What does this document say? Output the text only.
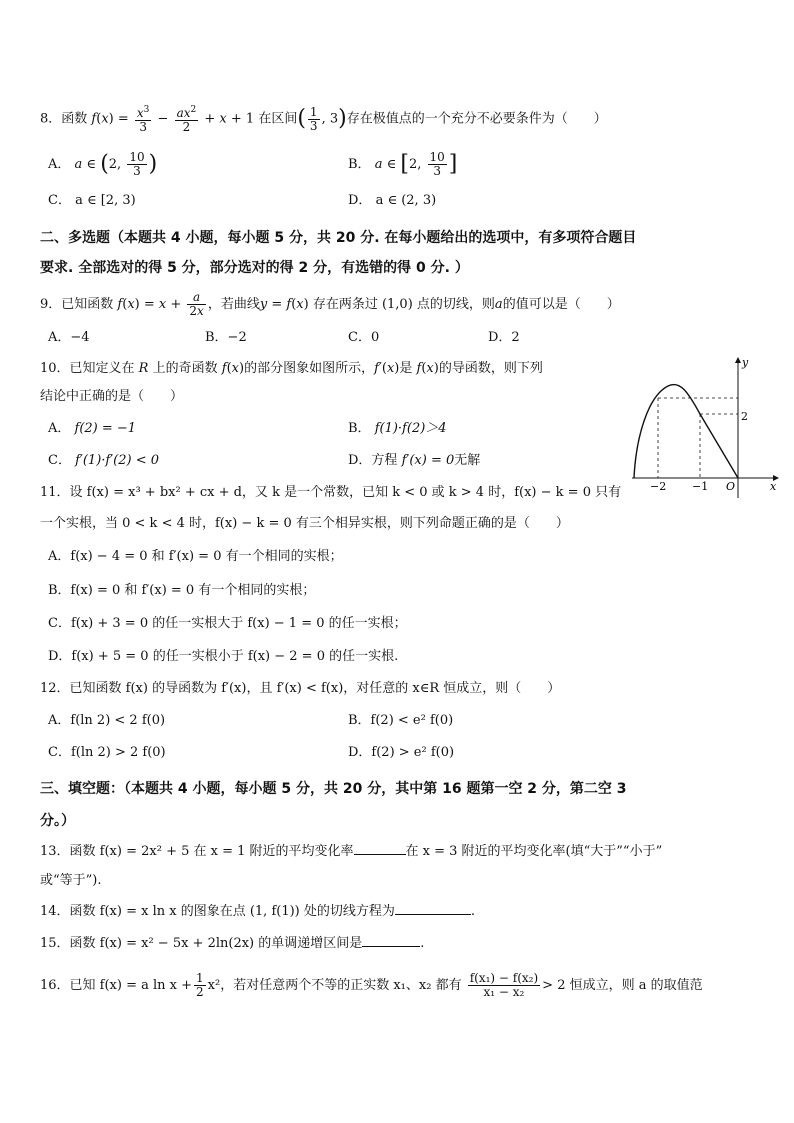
8．函数 $f(x) = \frac{x^3}{3} - \frac{ax^2}{2} + x + 1$ 在区间( $\frac{1}{3}$ , 3)存在极值点的一个充分不必要条件为（　　）
A． a ∈ (2, $\frac{10}{3}$ )	B． a ∈ [2, $\frac{10}{3}$ ]
C． a ∈ [2, 3)	D． a ∈ (2, 3)
二、多选题（本题共 4 小题，每小题 5 分，共 20 分. 在每小题给出的选项中，有多项符合题目
要求. 全部选对的得 5 分，部分选对的得 2 分，有选错的得 0 分. ）
9．已知函数 $f(x) = x + \frac{a}{2x}$ ，若曲线y = f(x) 存在两条过 (1,0) 点的切线，则a的值可以是（　　）
A．−4	B．−2	C．0	D．2
10．已知定义在 R 上的奇函数 f(x)的部分图象如图所示，f′(x)是 f(x)的导函数，则下列
结论中正确的是（　　）
A． f(2) = −1	B． f(1)·f(2)＞4
C． f′(1)·f′(2) < 0	D．方程 f′(x) = 0无解
y
x
O
−2 −1
2
11．设 f(x) = x³ + bx² + cx + d，又 k 是一个常数，已知 k < 0 或 k > 4 时，f(x) − k = 0 只有
一个实根，当 0 < k < 4 时，f(x) − k = 0 有三个相异实根，则下列命题正确的是（　　）
A．f(x) − 4 = 0 和 f′(x) = 0 有一个相同的实根；
B．f(x) = 0 和 f′(x) = 0 有一个相同的实根；
C．f(x) + 3 = 0 的任一实根大于 f(x) − 1 = 0 的任一实根；
D．f(x) + 5 = 0 的任一实根小于 f(x) − 2 = 0 的任一实根.
12．已知函数 f(x) 的导函数为 f′(x)，且 f′(x) < f(x)，对任意的 x∈R 恒成立，则（　　）
A．f(ln 2) < 2 f(0)	B．f(2) < e² f(0)
C．f(ln 2) > 2 f(0)	D．f(2) > e² f(0)
三、填空题：（本题共 4 小题，每小题 5 分，共 20 分，其中第 16 题第一空 2 分，第二空 3
分。）
13．函数 f(x) = 2x² + 5 在 x = 1 附近的平均变化率	在 x = 3 附近的平均变化率(填“大于”“小于”
或“等于”).
14．函数 f(x) = x ln x 的图象在点 (1, f(1)) 处的切线方程为	.
15．函数 f(x) = x² − 5x + 2ln(2x) 的单调递增区间是	.
16．已知 f(x) = a $\ln x + \frac{1}{2} x^2$，若对任意两个不等的正实数 x₁、x₂ 都有 $\frac{\text{f(x₁) − f(x₂)}}{\text{x₁ − x₂}} > 2$ 恒成立，则 a 的取值范
